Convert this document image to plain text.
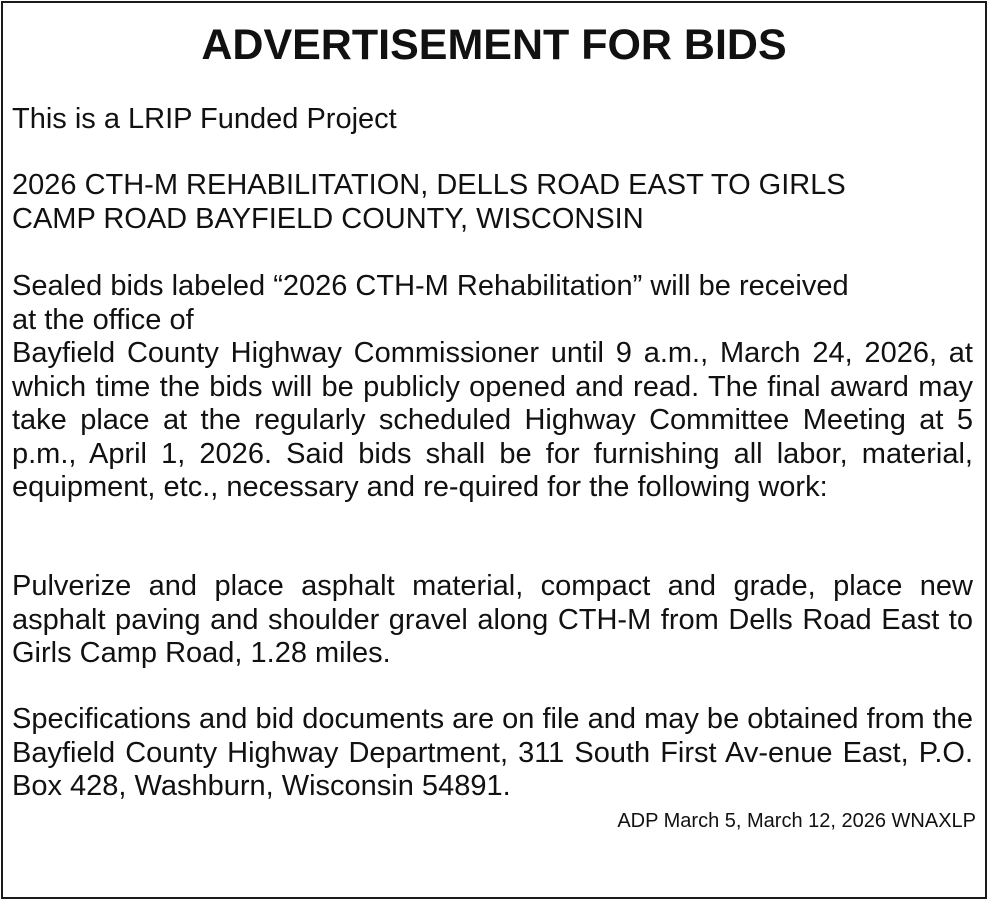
ADVERTISEMENT FOR BIDS

This is a LRIP Funded Project

2026 CTH-M REHABILITATION, DELLS ROAD EAST TO GIRLS

CAMP ROAD BAYFIELD COUNTY, WISCONSIN

Sealed bids labeled “2026 CTH-M Rehabilitation” will be received

at the office of

Bayfield County Highway Commissioner until 9 a.m., March 24, 2026, at which time the bids will be publicly opened and read. The final award may take place at the regularly scheduled Highway Committee Meeting at 5 p.m., April 1, 2026. Said bids shall be for furnishing all labor, material, equipment, etc., necessary and re-quired for the following work:

Pulverize and place asphalt material, compact and grade, place new asphalt paving and shoulder gravel along CTH-M from Dells Road East to Girls Camp Road, 1.28 miles.

Specifications and bid documents are on file and may be obtained from the Bayfield County Highway Department, 311 South First Av-enue East, P.O. Box 428, Washburn, Wisconsin 54891.

ADP March 5, March 12, 2026 WNAXLP
